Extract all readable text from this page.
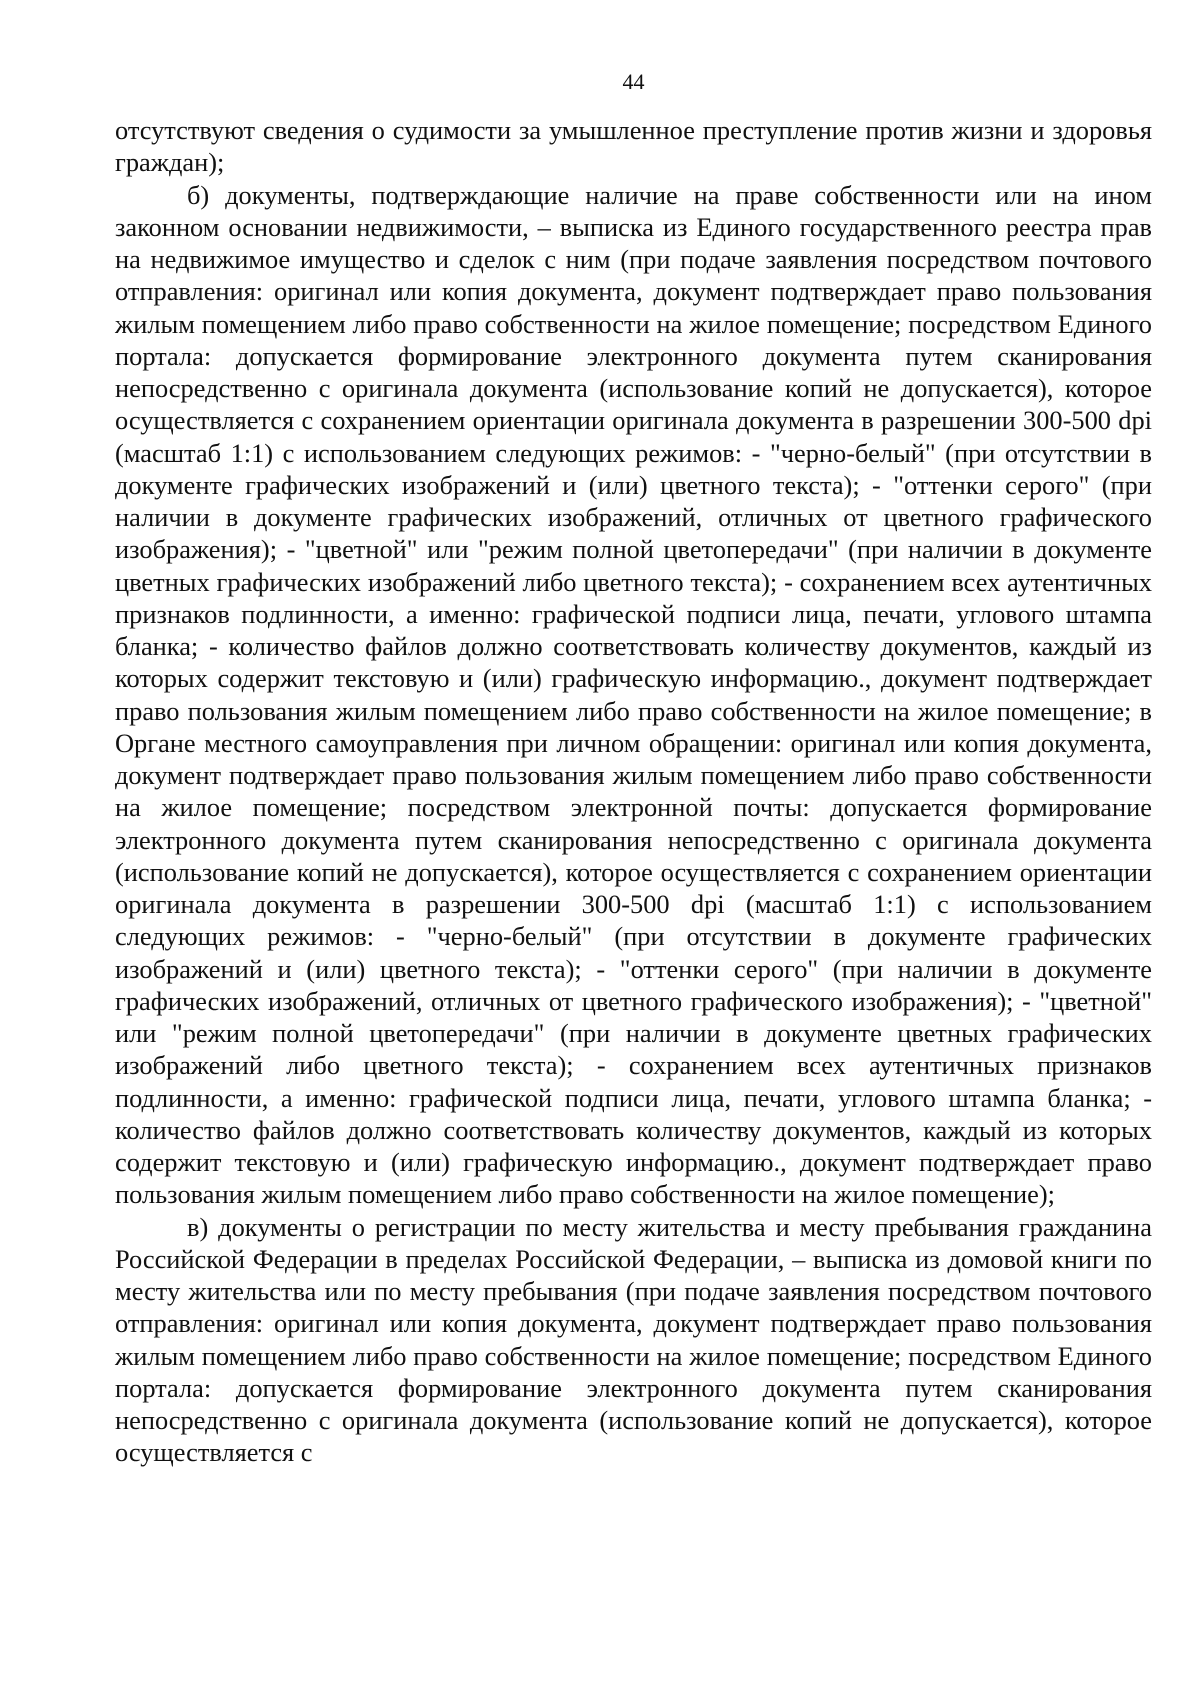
44

отсутствуют сведения о судимости за умышленное преступление против жизни и здоровья граждан);

б) документы, подтверждающие наличие на праве собственности или на ином законном основании недвижимости, – выписка из Единого государственного реестра прав на недвижимое имущество и сделок с ним (при подаче заявления посредством почтового отправления: оригинал или копия документа, документ подтверждает право пользования жилым помещением либо право собственности на жилое помещение; посредством Единого портала: допускается формирование электронного документа путем сканирования непосредственно с оригинала документа (использование копий не допускается), которое осуществляется с сохранением ориентации оригинала документа в разрешении 300-500 dpi (масштаб 1:1) с использованием следующих режимов: - "черно-белый" (при отсутствии в документе графических изображений и (или) цветного текста); - "оттенки серого" (при наличии в документе графических изображений, отличных от цветного графического изображения); - "цветной" или "режим полной цветопередачи" (при наличии в документе цветных графических изображений либо цветного текста); - сохранением всех аутентичных признаков подлинности, а именно: графической подписи лица, печати, углового штампа бланка; - количество файлов должно соответствовать количеству документов, каждый из которых содержит текстовую и (или) графическую информацию., документ подтверждает право пользования жилым помещением либо право собственности на жилое помещение; в Органе местного самоуправления при личном обращении: оригинал или копия документа, документ подтверждает право пользования жилым помещением либо право собственности на жилое помещение; посредством электронной почты: допускается формирование электронного документа путем сканирования непосредственно с оригинала документа (использование копий не допускается), которое осуществляется с сохранением ориентации оригинала документа в разрешении 300-500 dpi (масштаб 1:1) с использованием следующих режимов: - "черно-белый" (при отсутствии в документе графических изображений и (или) цветного текста); - "оттенки серого" (при наличии в документе графических изображений, отличных от цветного графического изображения); - "цветной" или "режим полной цветопередачи" (при наличии в документе цветных графических изображений либо цветного текста); - сохранением всех аутентичных признаков подлинности, а именно: графической подписи лица, печати, углового штампа бланка; - количество файлов должно соответствовать количеству документов, каждый из которых содержит текстовую и (или) графическую информацию., документ подтверждает право пользования жилым помещением либо право собственности на жилое помещение);

в) документы о регистрации по месту жительства и месту пребывания гражданина Российской Федерации в пределах Российской Федерации, – выписка из домовой книги по месту жительства или по месту пребывания (при подаче заявления посредством почтового отправления: оригинал или копия документа, документ подтверждает право пользования жилым помещением либо право собственности на жилое помещение; посредством Единого портала: допускается формирование электронного документа путем сканирования непосредственно с оригинала документа (использование копий не допускается), которое осуществляется с
